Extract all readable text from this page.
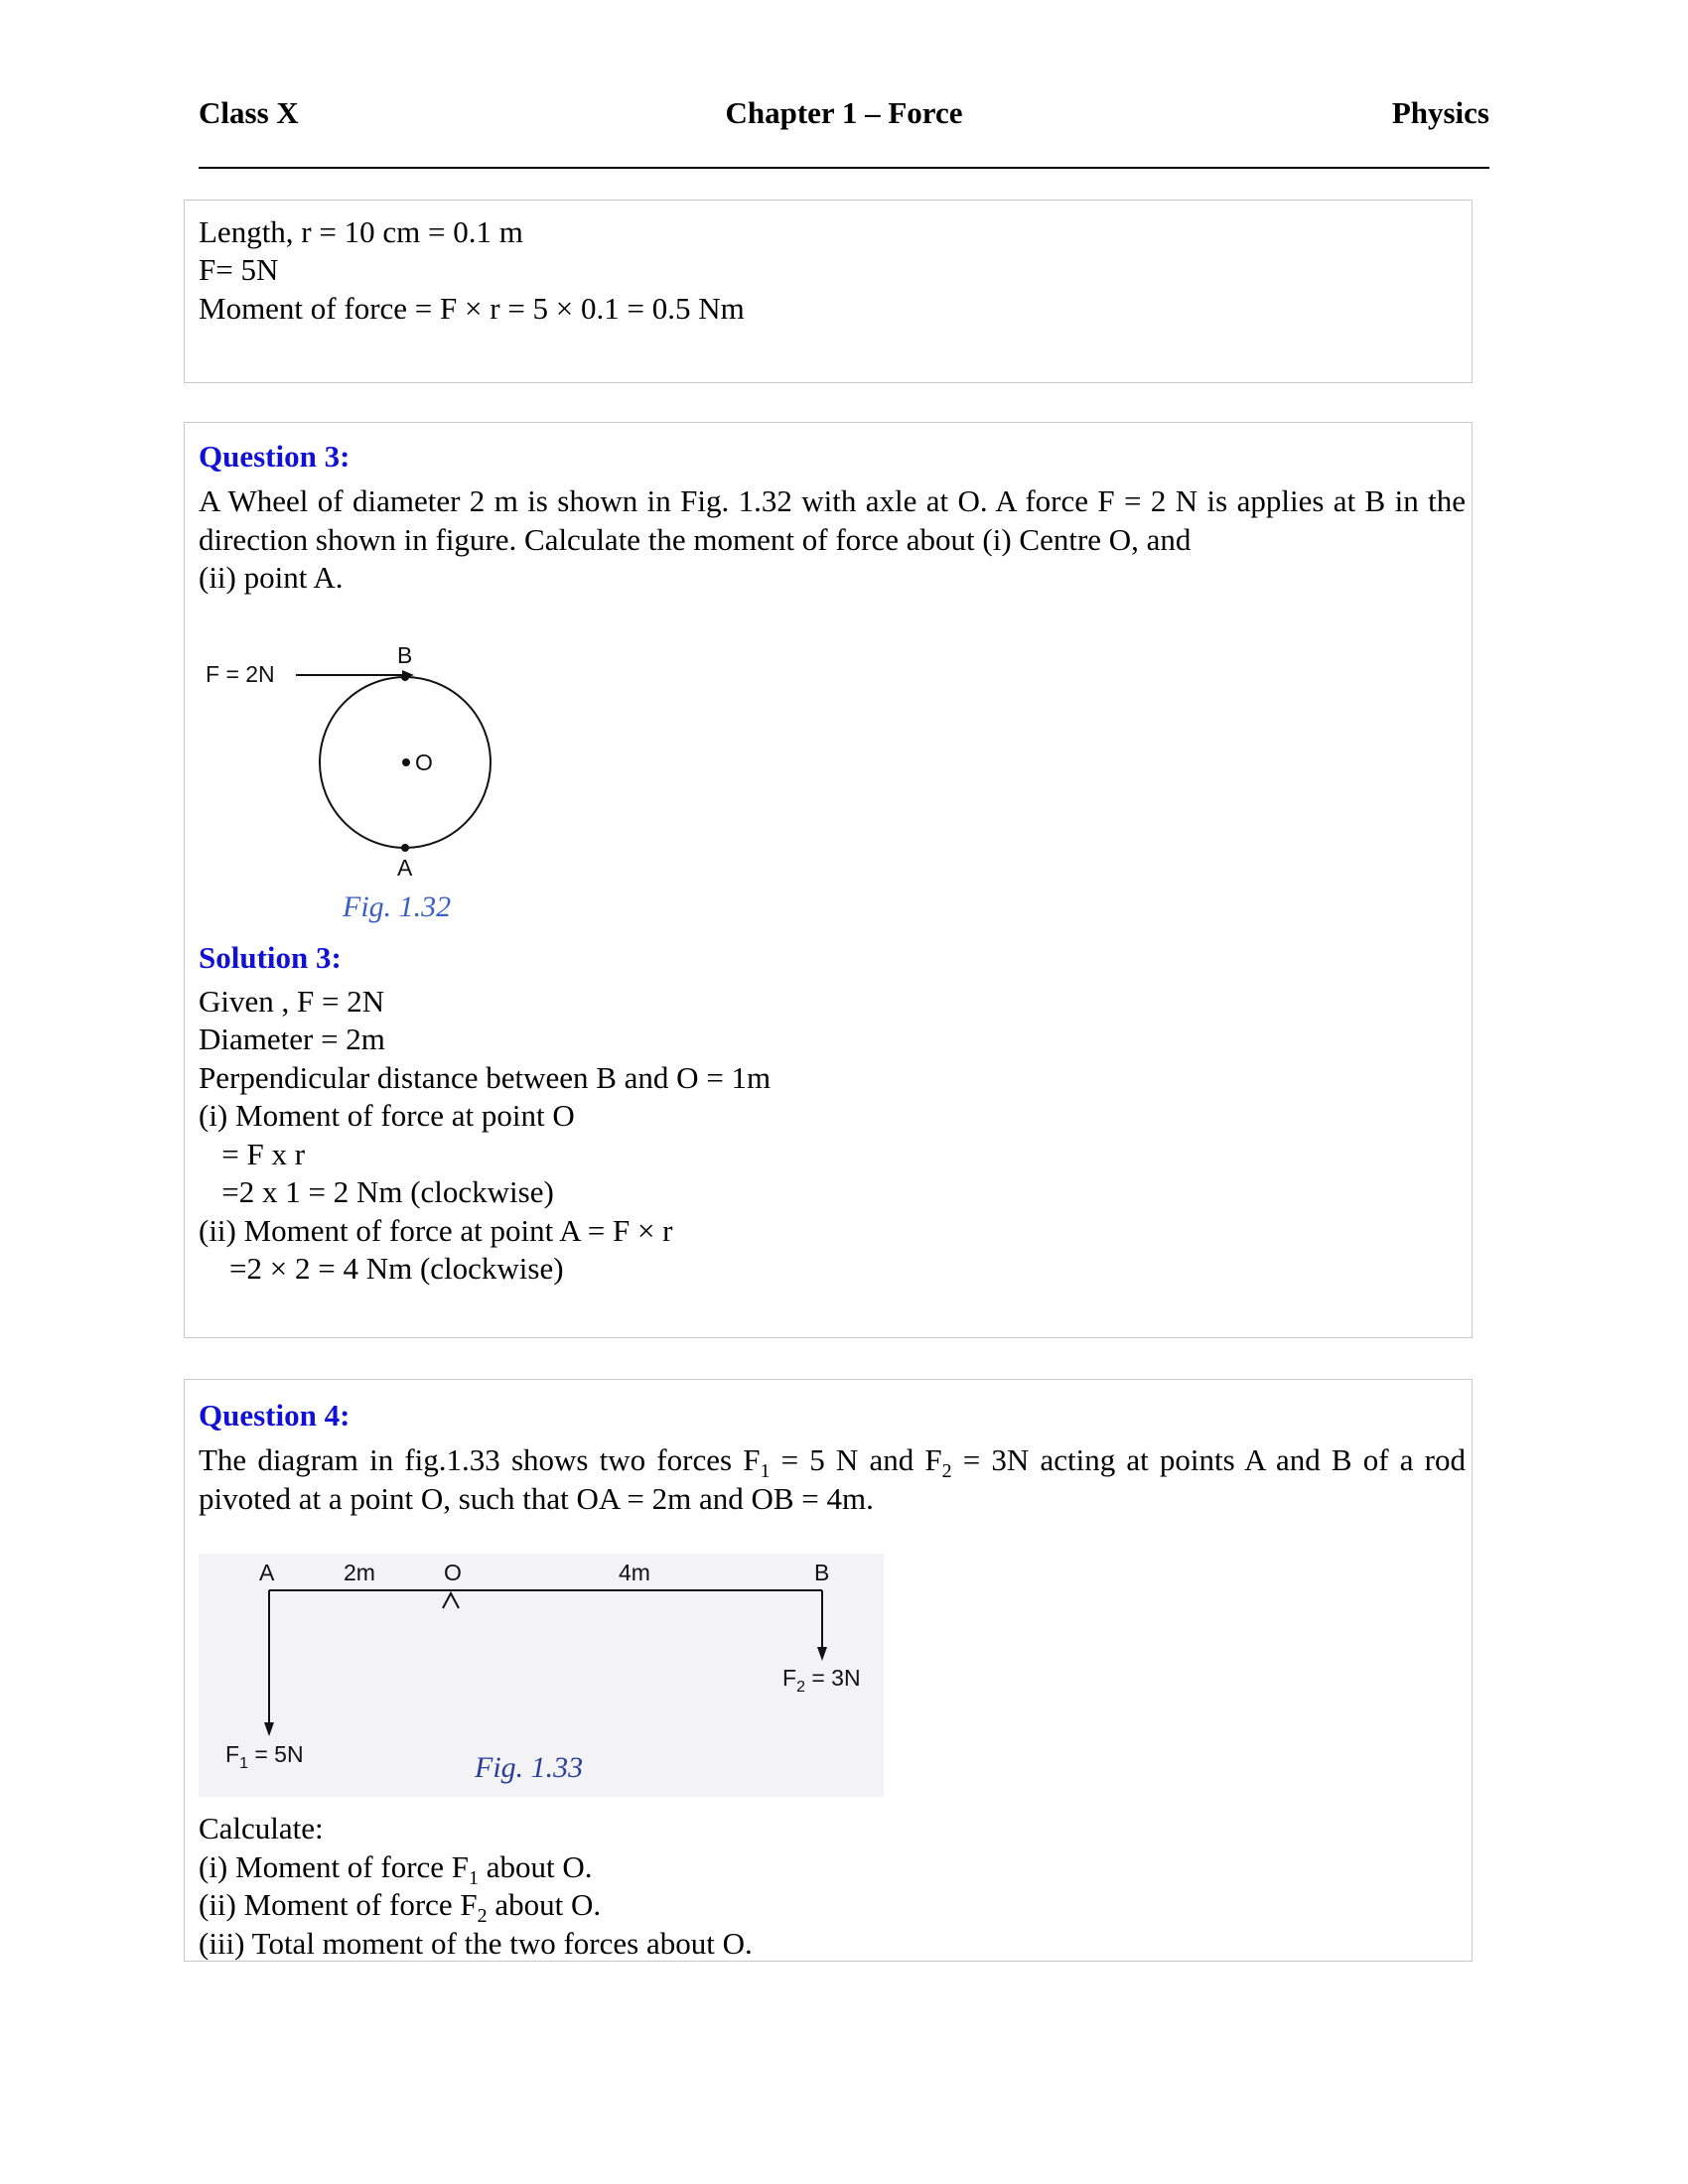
Class X	Chapter 1 – Force	Physics
Length, r = 10 cm = 0.1 m
F= 5N
Moment of force = F × r = 5 × 0.1 = 0.5 Nm
Question 3:
A Wheel of diameter 2 m is shown in Fig. 1.32 with axle at O. A force F = 2 N is applies at B in the direction shown in figure. Calculate the moment of force about (i) Centre O, and
(ii) point A.
F = 2N
B
O
A
Fig. 1.32
Solution 3:
Given , F = 2N
Diameter = 2m
Perpendicular distance between B and O = 1m
(i) Moment of force at point O
= F x r
=2 x 1 = 2 Nm (clockwise)
(ii) Moment of force at point A = F × r
=2 × 2 = 4 Nm (clockwise)
Question 4:
The diagram in fig.1.33 shows two forces $F_1 = 5$ N and $F_2 = 3N$ acting at points A and B of a rod pivoted at a point O, such that OA = 2m and OB = 4m.
A	2m	O	4m	B
$F_2 = 3N$
$F_1 = 5N$	Fig. 1.33
Calculate:
(i) Moment of force $F_1$ about O.
(ii) Moment of force $F_2$ about O.
(iii) Total moment of the two forces about O.
